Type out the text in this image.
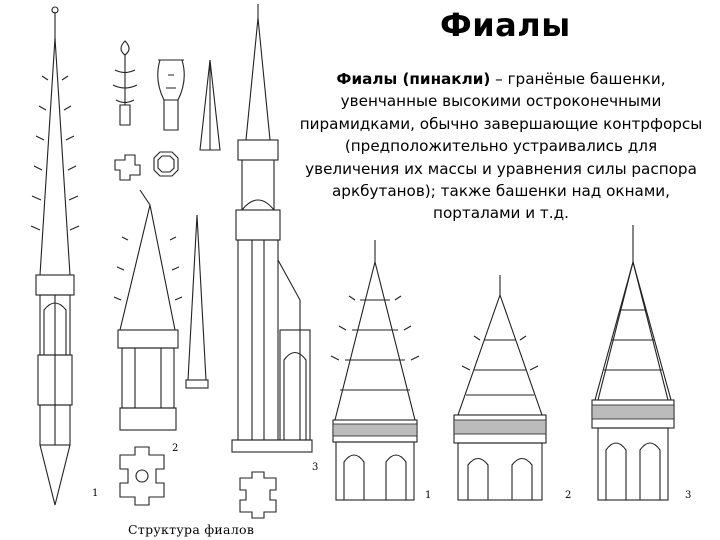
Фиалы
Фиалы (пинакли) – гранёные башенки, увенчанные высокими остроконечными пирамидками, обычно завершающие контрфорсы (предположительно устраивались для увеличения их массы и уравнения силы распора аркбутанов); также башенки над окнами, порталами и т.д.
1
2
3
1	2	3
Структура фиалов
